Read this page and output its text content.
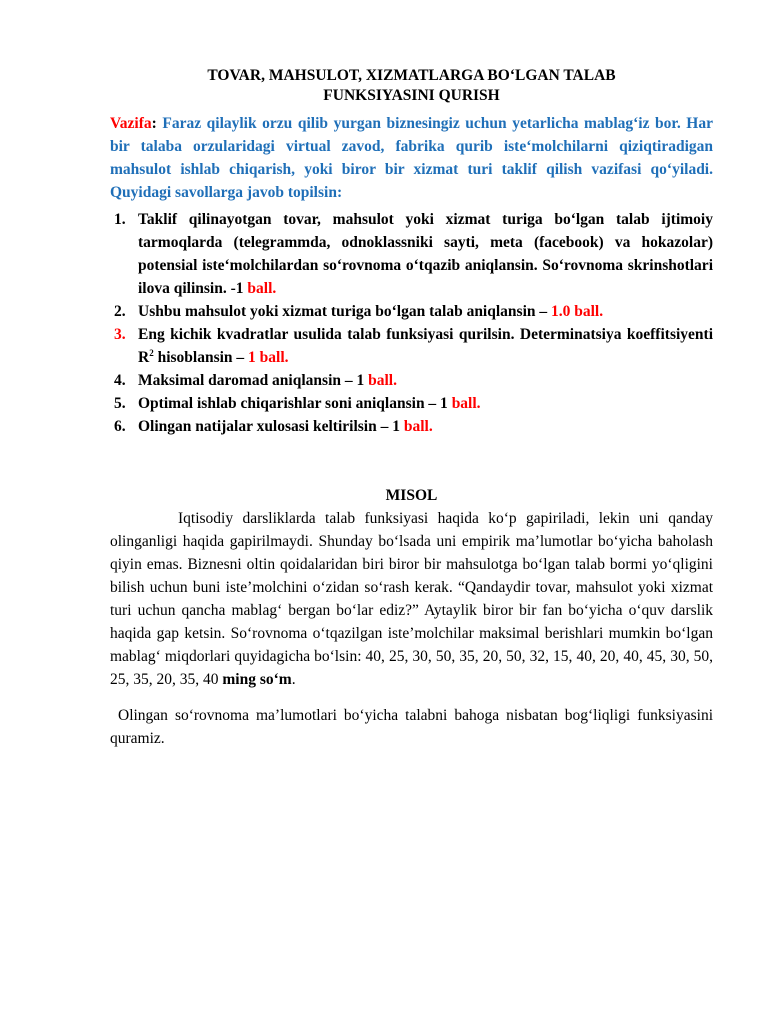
TOVAR, MAHSULOT, XIZMATLARGA BO‘LGAN TALAB
FUNKSIYASINI QURISH

Vazifa: Faraz qilaylik orzu qilib yurgan biznesingiz uchun yetarlicha mablag‘iz bor. Har bir talaba orzularidagi virtual zavod, fabrika qurib iste‘molchilarni qiziqtiradigan mahsulot ishlab chiqarish, yoki biror bir xizmat turi taklif qilish vazifasi qo‘yiladi. Quyidagi savollarga javob topilsin:

1. Taklif qilinayotgan tovar, mahsulot yoki xizmat turiga bo‘lgan talab ijtimoiy tarmoqlarda (telegrammda, odnoklassniki sayti, meta (facebook) va hokazolar) potensial iste‘molchilardan so‘rovnoma o‘tqazib aniqlansin. So‘rovnoma skrinshotlari ilova qilinsin. -1 ball.
2. Ushbu mahsulot yoki xizmat turiga bo‘lgan talab aniqlansin – 1.0 ball.
3. Eng kichik kvadratlar usulida talab funksiyasi qurilsin. Determinatsiya koeffitsiyenti $R^2$ hisoblansin – 1 ball.
4. Maksimal daromad aniqlansin – 1 ball.
5. Optimal ishlab chiqarishlar soni aniqlansin – 1 ball.
6. Olingan natijalar xulosasi keltirilsin – 1 ball.
MISOL

Iqtisodiy darsliklarda talab funksiyasi haqida ko‘p gapiriladi, lekin uni qanday olinganligi haqida gapirilmaydi. Shunday bo‘lsada uni empirik ma’lumotlar bo‘yicha baholash qiyin emas. Biznesni oltin qoidalaridan biri biror bir mahsulotga bo‘lgan talab bormi yo‘qligini bilish uchun buni iste’molchini o‘zidan so‘rash kerak. “Qandaydir tovar, mahsulot yoki xizmat turi uchun qancha mablag‘ bergan bo‘lar ediz?” Aytaylik biror bir fan bo‘yicha o‘quv darslik haqida gap ketsin. So‘rovnoma o‘tqazilgan iste’molchilar maksimal berishlari mumkin bo‘lgan mablag‘ miqdorlari quyidagicha bo‘lsin: 40, 25, 30, 50, 35, 20, 50, 32, 15, 40, 20, 40, 45, 30, 50, 25, 35, 20, 35, 40 ming so‘m.

Olingan so‘rovnoma ma’lumotlari bo‘yicha talabni bahoga nisbatan bog‘liqligi funksiyasini quramiz.
